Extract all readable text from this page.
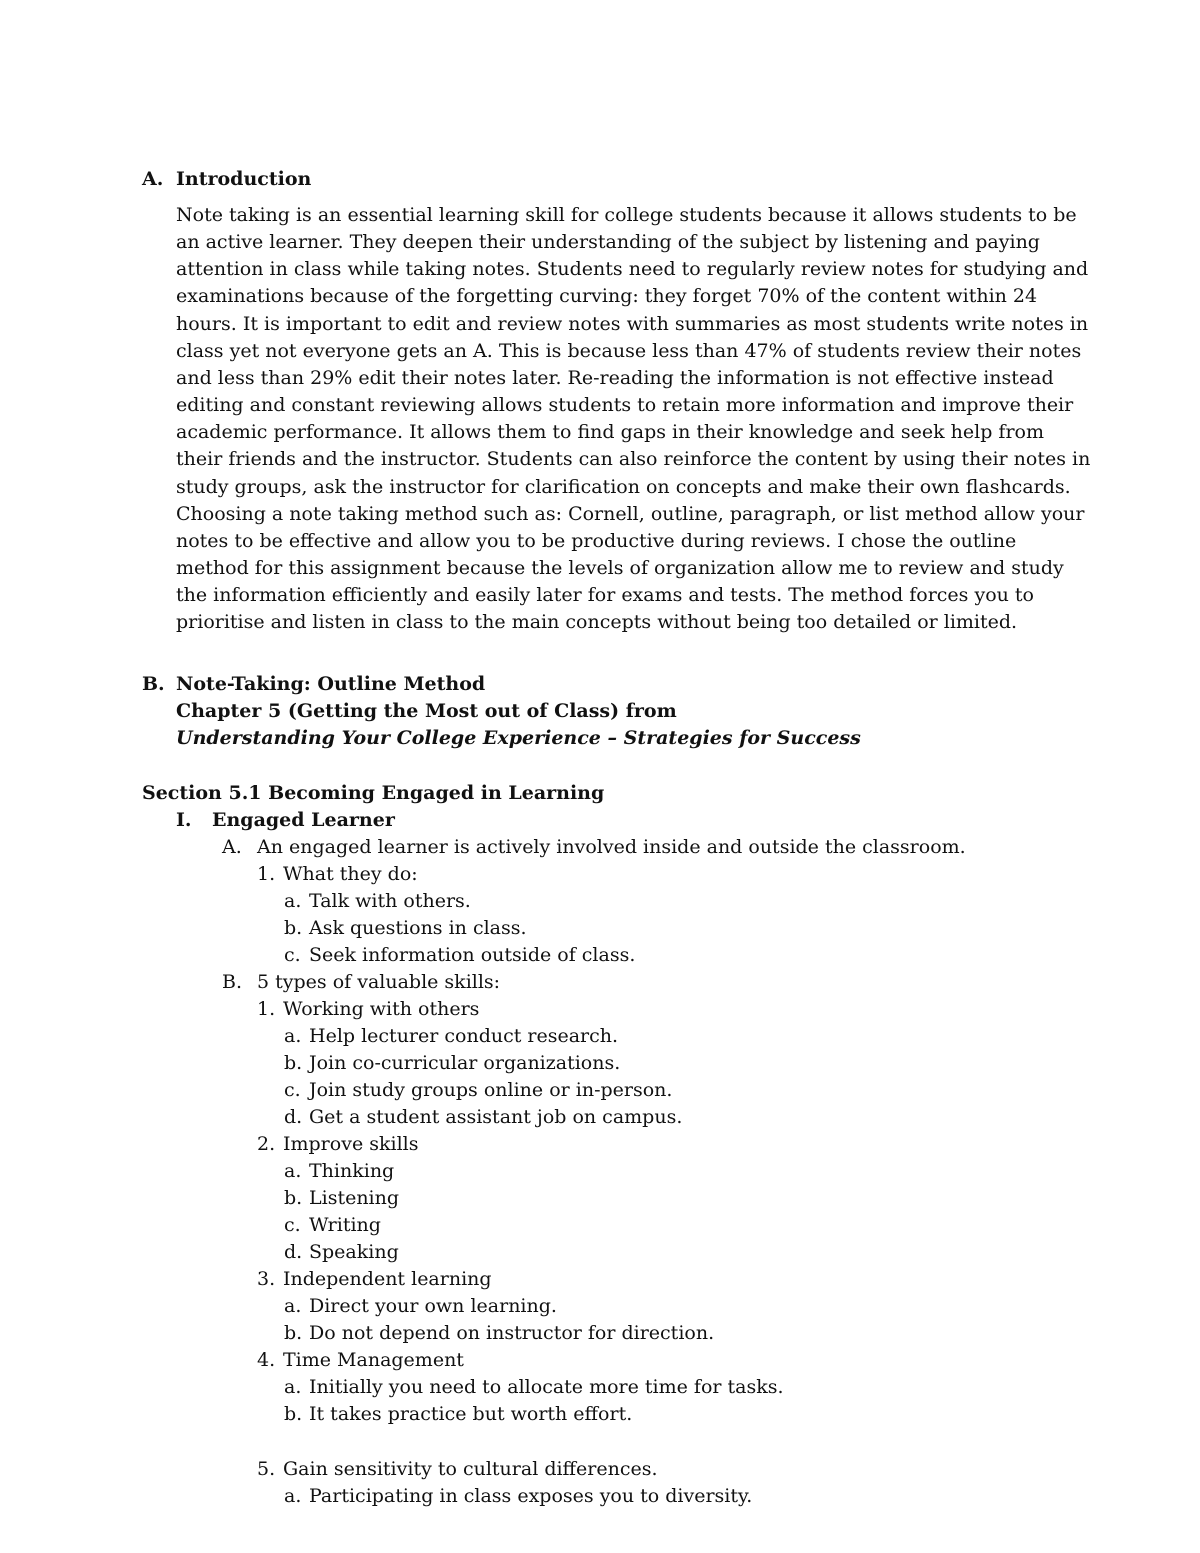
A. Introduction
Note taking is an essential learning skill for college students because it allows students to be
an active learner. They deepen their understanding of the subject by listening and paying
attention in class while taking notes. Students need to regularly review notes for studying and
examinations because of the forgetting curving: they forget 70% of the content within 24
hours. It is important to edit and review notes with summaries as most students write notes in
class yet not everyone gets an A. This is because less than 47% of students review their notes
and less than 29% edit their notes later. Re-reading the information is not effective instead
editing and constant reviewing allows students to retain more information and improve their
academic performance. It allows them to find gaps in their knowledge and seek help from
their friends and the instructor. Students can also reinforce the content by using their notes in
study groups, ask the instructor for clarification on concepts and make their own flashcards.
Choosing a note taking method such as: Cornell, outline, paragraph, or list method allow your
notes to be effective and allow you to be productive during reviews. I chose the outline
method for this assignment because the levels of organization allow me to review and study
the information efficiently and easily later for exams and tests. The method forces you to
prioritise and listen in class to the main concepts without being too detailed or limited.
B. Note-Taking: Outline Method
Chapter 5 (Getting the Most out of Class) from
Understanding Your College Experience – Strategies for Success
Section 5.1 Becoming Engaged in Learning
I. Engaged Learner
A. An engaged learner is actively involved inside and outside the classroom.
1. What they do:
a. Talk with others.
b. Ask questions in class.
c. Seek information outside of class.
B. 5 types of valuable skills:
1. Working with others
a. Help lecturer conduct research.
b. Join co-curricular organizations.
c. Join study groups online or in-person.
d. Get a student assistant job on campus.
2. Improve skills
a. Thinking
b. Listening
c. Writing
d. Speaking
3. Independent learning
a. Direct your own learning.
b. Do not depend on instructor for direction.
4. Time Management
a. Initially you need to allocate more time for tasks.
b. It takes practice but worth effort.
5. Gain sensitivity to cultural differences.
a. Participating in class exposes you to diversity.
